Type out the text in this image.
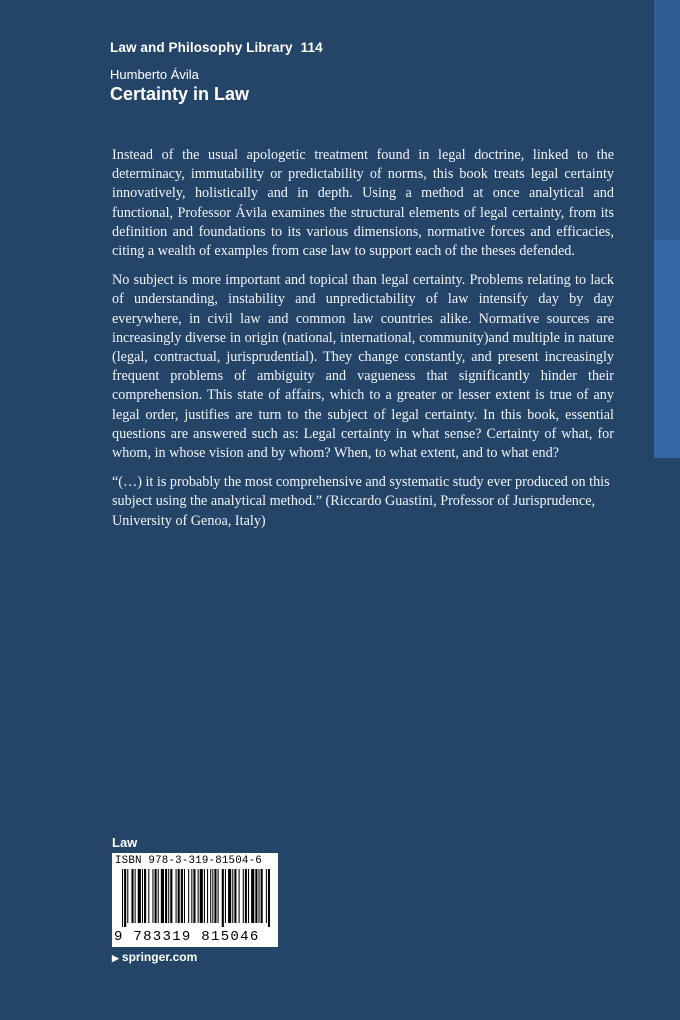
Law and Philosophy Library 114
Humberto Ávila
Certainty in Law

Instead of the usual apologetic treatment found in legal doctrine, linked to the determinacy, immutability or predictability of norms, this book treats legal certainty innovatively, holistically and in depth. Using a method at once analytical and functional, Professor Ávila examines the structural elements of legal certainty, from its definition and foundations to its various dimensions, normative forces and efficacies, citing a wealth of examples from case law to support each of the theses defended.

No subject is more important and topical than legal certainty. Problems relating to lack of understanding, instability and unpredictability of law intensify day by day everywhere, in civil law and common law countries alike. Normative sources are increasingly diverse in origin (national, international, community)and multiple in nature (legal, contractual, jurisprudential). They change constantly, and present increasingly frequent problems of ambiguity and vagueness that significantly hinder their comprehension. This state of affairs, which to a greater or lesser extent is true of any legal order, justifies are turn to the subject of legal certainty. In this book, essential questions are answered such as: Legal certainty in what sense? Certainty of what, for whom, in whose vision and by whom? When, to what extent, and to what end?

“(…) it is probably the most comprehensive and systematic study ever produced on this subject using the analytical method.” (Riccardo Guastini, Professor of Jurisprudence, University of Genoa, Italy)

Law
ISBN 978-3-319-81504-6
9 783319 815046
▶ springer.com
